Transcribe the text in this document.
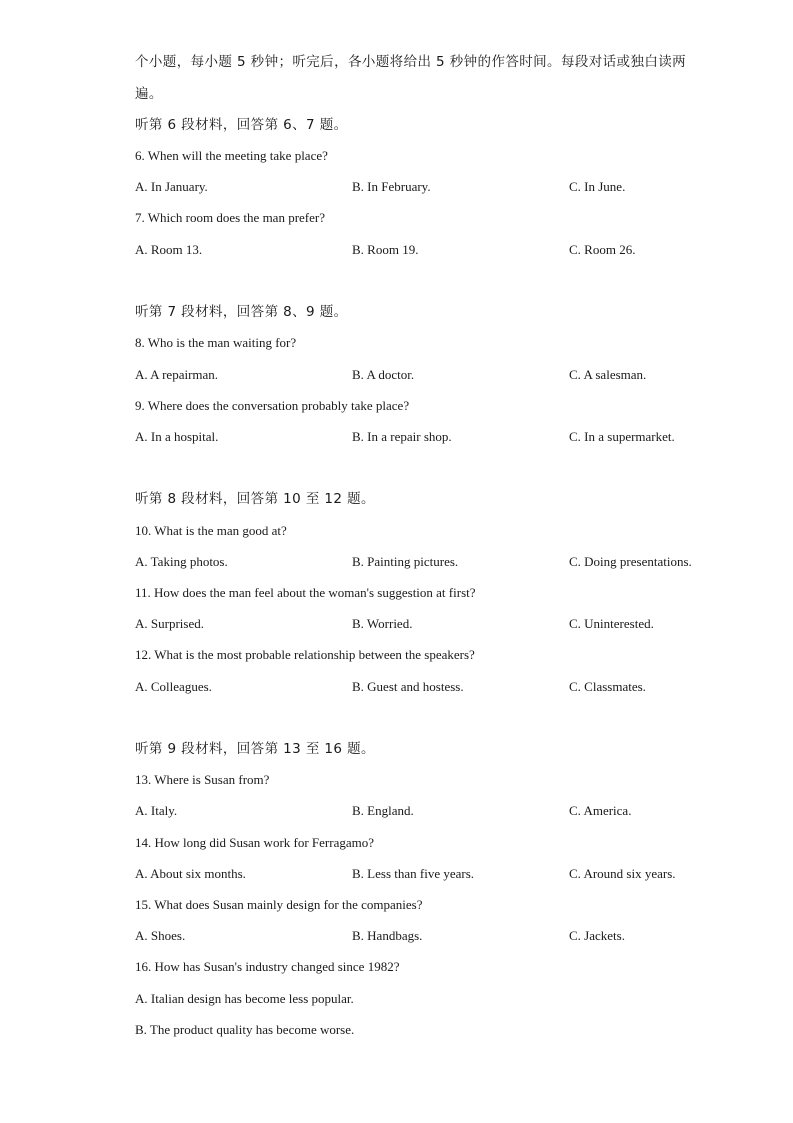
个小题，每小题 5 秒钟；听完后，各小题将给出 5 秒钟的作答时间。每段对话或独白读两
遍。
听第 6 段材料，回答第 6、7 题。
6. When will the meeting take place?
A. In January.	B. In February.	C. In June.
7. Which room does the man prefer?
A. Room 13.	B. Room 19.	C. Room 26.
听第 7 段材料，回答第 8、9 题。
8. Who is the man waiting for?
A. A repairman.	B. A doctor.	C. A salesman.
9. Where does the conversation probably take place?
A. In a hospital.	B. In a repair shop.	C. In a supermarket.
听第 8 段材料，回答第 10 至 12 题。
10. What is the man good at?
A. Taking photos.	B. Painting pictures.	C. Doing presentations.
11. How does the man feel about the woman's suggestion at first?
A. Surprised.	B. Worried.	C. Uninterested.
12. What is the most probable relationship between the speakers?
A. Colleagues.	B. Guest and hostess.	C. Classmates.
听第 9 段材料，回答第 13 至 16 题。
13. Where is Susan from?
A. Italy.	B. England.	C. America.
14. How long did Susan work for Ferragamo?
A. About six months.	B. Less than five years.	C. Around six years.
15. What does Susan mainly design for the companies?
A. Shoes.	B. Handbags.	C. Jackets.
16. How has Susan's industry changed since 1982?
A. Italian design has become less popular.
B. The product quality has become worse.
